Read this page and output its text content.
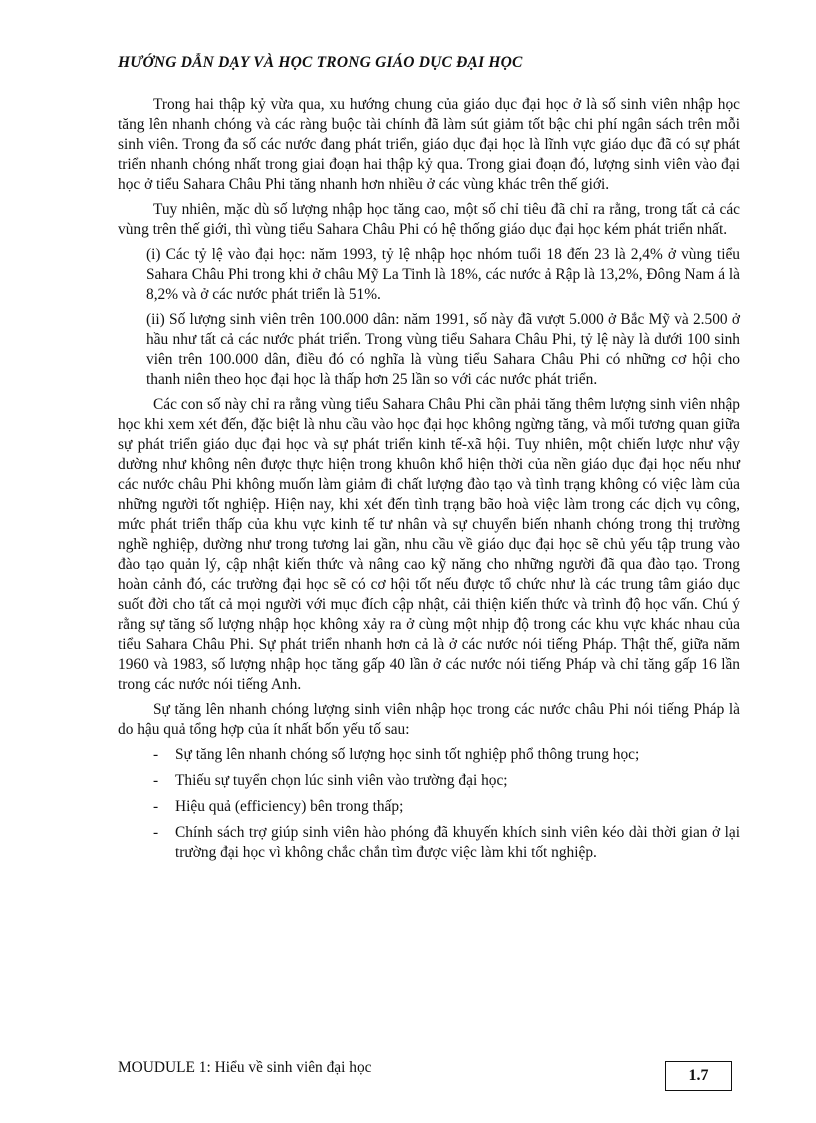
HƯỚNG DẪN DẠY VÀ HỌC TRONG GIÁO DỤC ĐẠI HỌC

Trong hai thập kỷ vừa qua, xu hướng chung của giáo dục đại học ở là số sinh viên nhập học tăng lên nhanh chóng và các ràng buộc tài chính đã làm sút giảm tốt bậc chi phí ngân sách trên mỗi sinh viên. Trong đa số các nước đang phát triển, giáo dục đại học là lĩnh vực giáo dục đã có sự phát triển nhanh chóng nhất trong giai đoạn hai thập kỷ qua. Trong giai đoạn đó, lượng sinh viên vào đại học ở tiểu Sahara Châu Phi tăng nhanh hơn nhiều ở các vùng khác trên thế giới.

Tuy nhiên, mặc dù số lượng nhập học tăng cao, một số chỉ tiêu đã chỉ ra rằng, trong tất cả các vùng trên thế giới, thì vùng tiểu Sahara Châu Phi có hệ thống giáo dục đại học kém phát triển nhất.

(i) Các tỷ lệ vào đại học: năm 1993, tỷ lệ nhập học nhóm tuổi 18 đến 23 là 2,4% ở vùng tiểu Sahara Châu Phi trong khi ở châu Mỹ La Tinh là 18%, các nước ả Rập là 13,2%, Đông Nam á là 8,2% và ở các nước phát triển là 51%.

(ii) Số lượng sinh viên trên 100.000 dân: năm 1991, số này đã vượt 5.000 ở Bắc Mỹ và 2.500 ở hầu như tất cả các nước phát triển. Trong vùng tiểu Sahara Châu Phi, tỷ lệ này là dưới 100 sinh viên trên 100.000 dân, điều đó có nghĩa là vùng tiểu Sahara Châu Phi có những cơ hội cho thanh niên theo học đại học là thấp hơn 25 lần so với các nước phát triển.

Các con số này chỉ ra rằng vùng tiểu Sahara Châu Phi cần phải tăng thêm lượng sinh viên nhập học khi xem xét đến, đặc biệt là nhu cầu vào học đại học không ngừng tăng, và mối tương quan giữa sự phát triển giáo dục đại học và sự phát triển kinh tế-xã hội. Tuy nhiên, một chiến lược như vậy dường như không nên được thực hiện trong khuôn khổ hiện thời của nền giáo dục đại học nếu như các nước châu Phi không muốn làm giảm đi chất lượng đào tạo và tình trạng không có việc làm của những người tốt nghiệp. Hiện nay, khi xét đến tình trạng bão hoà việc làm trong các dịch vụ công, mức phát triển thấp của khu vực kinh tế tư nhân và sự chuyển biến nhanh chóng trong thị trường nghề nghiệp, dường như trong tương lai gần, nhu cầu về giáo dục đại học sẽ chủ yếu tập trung vào đào tạo quản lý, cập nhật kiến thức và nâng cao kỹ năng cho những người đã qua đào tạo. Trong hoàn cảnh đó, các trường đại học sẽ có cơ hội tốt nếu được tổ chức như là các trung tâm giáo dục suốt đời cho tất cả mọi người với mục đích cập nhật, cải thiện kiến thức và trình độ học vấn. Chú ý rằng sự tăng số lượng nhập học không xảy ra ở cùng một nhịp độ trong các khu vực khác nhau của tiểu Sahara Châu Phi. Sự phát triển nhanh hơn cả là ở các nước nói tiếng Pháp. Thật thế, giữa năm 1960 và 1983, số lượng nhập học tăng gấp 40 lần ở các nước nói tiếng Pháp và chỉ tăng gấp 16 lần trong các nước nói tiếng Anh.

Sự tăng lên nhanh chóng lượng sinh viên nhập học trong các nước châu Phi nói tiếng Pháp là do hậu quả tổng hợp của ít nhất bốn yếu tố sau:

- Sự tăng lên nhanh chóng số lượng học sinh tốt nghiệp phổ thông trung học;
- Thiếu sự tuyển chọn lúc sinh viên vào trường đại học;
- Hiệu quả (efficiency) bên trong thấp;
- Chính sách trợ giúp sinh viên hào phóng đã khuyến khích sinh viên kéo dài thời gian ở lại trường đại học vì không chắc chắn tìm được việc làm khi tốt nghiệp.
MOUDULE 1: Hiểu về sinh viên đại học	1.7
